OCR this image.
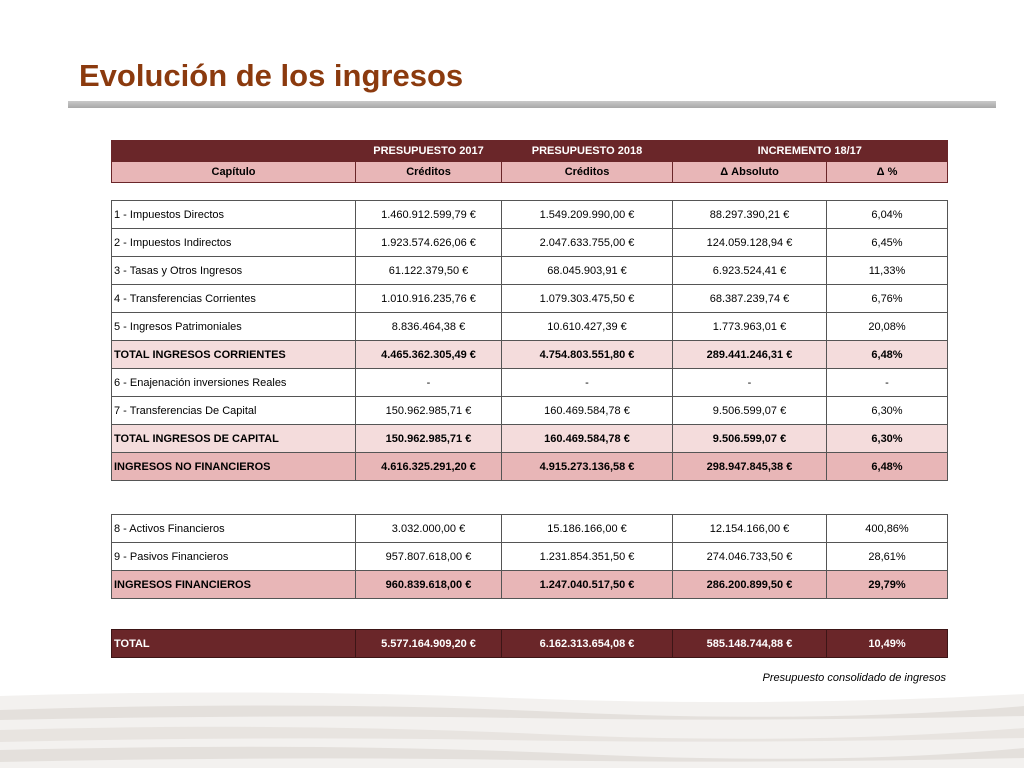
Evolución de los ingresos
	PRESUPUESTO 2017	PRESUPUESTO 2018	INCREMENTO 18/17	
Capítulo	Créditos	Créditos	Δ Absoluto	Δ %
1 - Impuestos Directos	1.460.912.599,79 €	1.549.209.990,00 €	88.297.390,21 €	6,04%
2 - Impuestos Indirectos	1.923.574.626,06 €	2.047.633.755,00 €	124.059.128,94 €	6,45%
3 - Tasas y Otros Ingresos	61.122.379,50 €	68.045.903,91 €	6.923.524,41 €	11,33%
4 - Transferencias Corrientes	1.010.916.235,76 €	1.079.303.475,50 €	68.387.239,74 €	6,76%
5 - Ingresos Patrimoniales	8.836.464,38 €	10.610.427,39 €	1.773.963,01 €	20,08%
TOTAL INGRESOS CORRIENTES	4.465.362.305,49 €	4.754.803.551,80 €	289.441.246,31 €	6,48%
6 - Enajenación inversiones Reales	-	-	-	-
7 - Transferencias De Capital	150.962.985,71 €	160.469.584,78 €	9.506.599,07 €	6,30%
TOTAL INGRESOS DE CAPITAL	150.962.985,71 €	160.469.584,78 €	9.506.599,07 €	6,30%
INGRESOS NO FINANCIEROS	4.616.325.291,20 €	4.915.273.136,58 €	298.947.845,38 €	6,48%
8 - Activos Financieros	3.032.000,00 €	15.186.166,00 €	12.154.166,00 €	400,86%
9 - Pasivos Financieros	957.807.618,00 €	1.231.854.351,50 €	274.046.733,50 €	28,61%
INGRESOS FINANCIEROS	960.839.618,00 €	1.247.040.517,50 €	286.200.899,50 €	29,79%
TOTAL	5.577.164.909,20 €	6.162.313.654,08 €	585.148.744,88 €	10,49%
Presupuesto consolidado de ingresos
